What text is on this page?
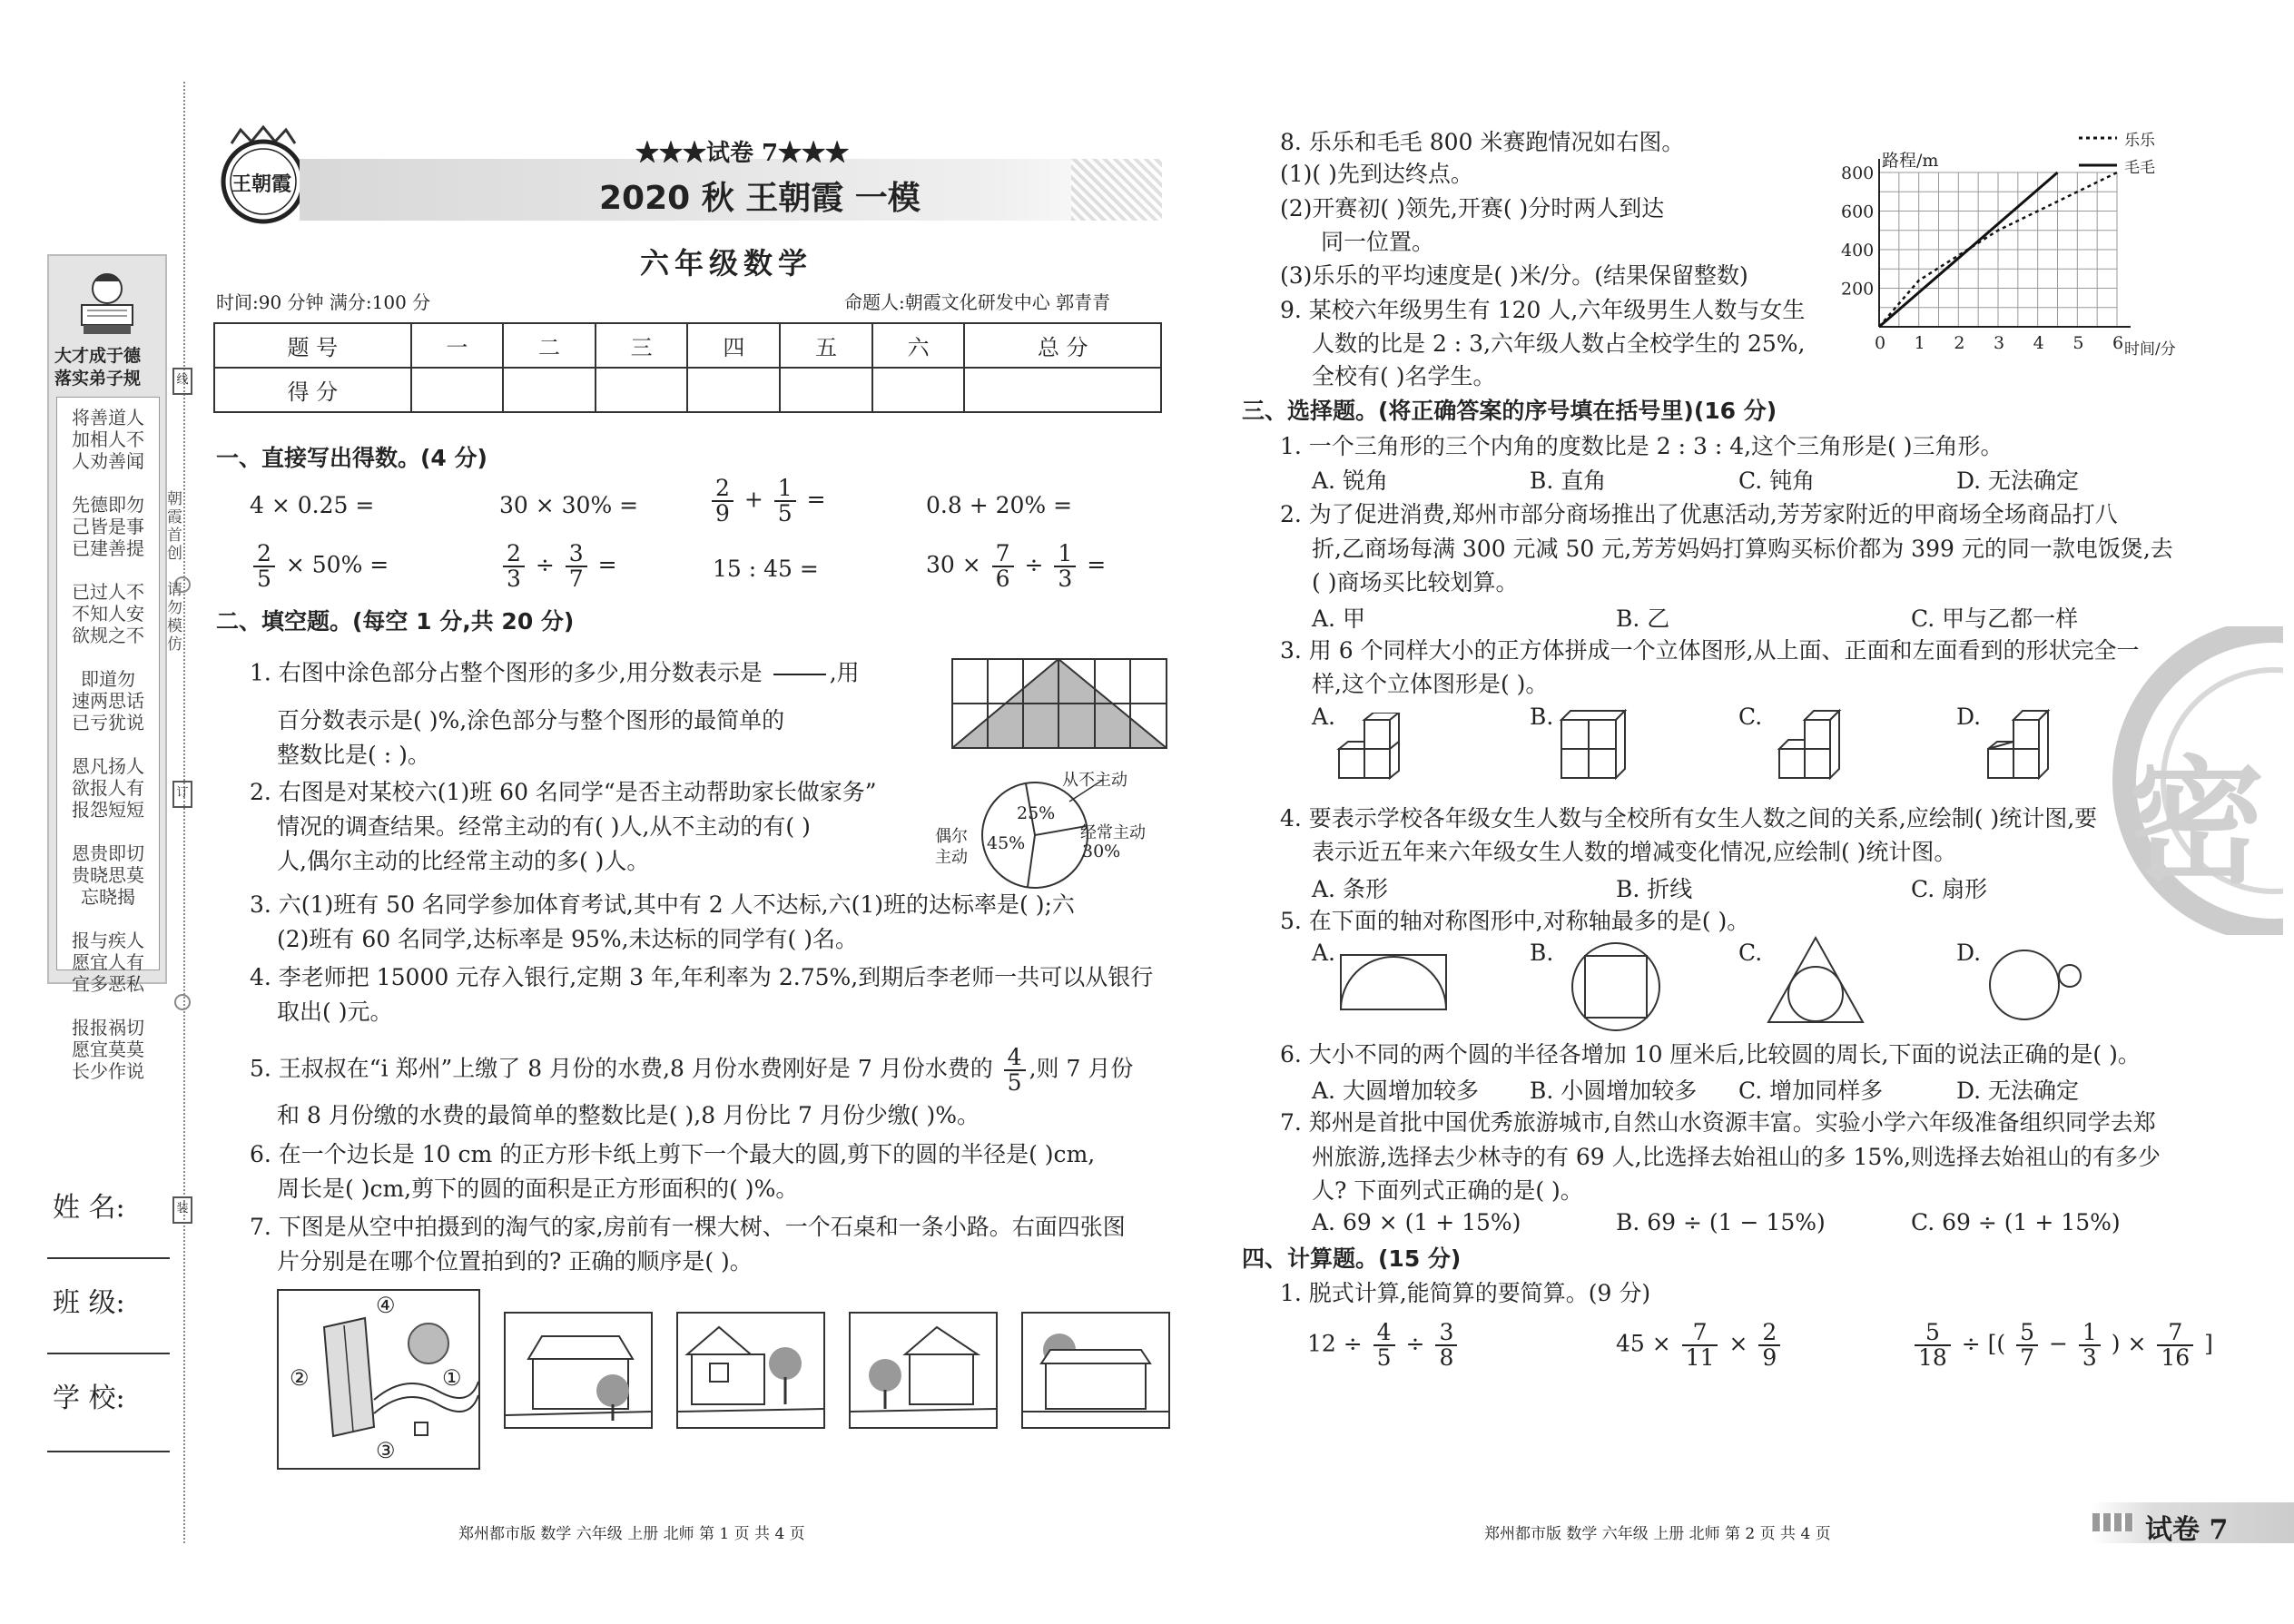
大才成于德
落实弟子规
将善道人
加相人不
人劝善闻

先德即勿
己皆是事
已建善提

已过人不
不知人安
欲规之不

即道勿
速两思话
已亏犹说

恩凡扬人
欲报人有
报怨短短

恩贵即切
贵晓思莫
忘晓揭

报与疾人
愿宜人有
宜多恶私

报报祸切
愿宜莫莫
长少作说
朝
霞
首
创

请
勿
模
仿
线
订
装
姓 名:
班 级:
学 校:
王朝霞
★★★试卷 7★★★
2020 秋 王朝霞 一模
六年级数学
时间:90 分钟 满分:100 分	命题人:朝霞文化研发中心 郭青青
题 号	一	二	三	四	五	六	总 分
得 分							
一、直接写出得数。(4 分)
4 × 0.25 =	30 × 30% =	$\frac{2}{9} + \frac{1}{5}$ =	0.8 + 20% =
$\frac{2}{5} \times 50\%$ =	$\frac{2}{3} \div \frac{3}{7}$ =	15 : 45 =	$30 \times \frac{7}{6} \div \frac{1}{3}$ =
二、填空题。(每空 1 分,共 20 分)
1. 右图中涂色部分占整个图形的多少,用分数表示是

	,用
百分数表示是( )%,涂色部分与整个图形的最简单的
整数比是( : )。
2. 右图是对某校六(1)班 60 名同学“是否主动帮助家长做家务”
情况的调查结果。经常主动的有( )人,从不主动的有( )
人,偶尔主动的比经常主动的多( )人。
从不主动
25%
偶尔
主动
45%
经常主动
30%
3. 六(1)班有 50 名同学参加体育考试,其中有 2 人不达标,六(1)班的达标率是( );六
(2)班有 60 名同学,达标率是 95%,未达标的同学有( )名。
4. 李老师把 15000 元存入银行,定期 3 年,年利率为 2.75%,到期后李老师一共可以从银行
取出( )元。
5. 王叔叔在“i 郑州”上缴了 8 月份的水费,8 月份水费刚好是 7 月份水费的 $\frac{4}{5}$ ,则 7 月份
和 8 月份缴的水费的最简单的整数比是( ),8 月份比 7 月份少缴( )%。
6. 在一个边长是 10 cm 的正方形卡纸上剪下一个最大的圆,剪下的圆的半径是( )cm,
周长是( )cm,剪下的圆的面积是正方形面积的( )%。
7. 下图是从空中拍摄到的淘气的家,房前有一棵大树、一个石桌和一条小路。右面四张图
片分别是在哪个位置拍到的? 正确的顺序是( )。
④
②	①
③
郑州都市版 数学 六年级 上册 北师 第 1 页 共 4 页
8. 乐乐和毛毛 800 米赛跑情况如右图。
(1)( )先到达终点。
(2)开赛初( )领先,开赛( )分时两人到达
同一位置。
(3)乐乐的平均速度是( )米/分。(结果保留整数)
9. 某校六年级男生有 120 人,六年级男生人数与女生
人数的比是 2 : 3,六年级人数占全校学生的 25%,
全校有( )名学生。
0 1 2 3 4 5 6
200
400
600
800
路程/m
时间/分
乐乐
毛毛
三、选择题。(将正确答案的序号填在括号里)(16 分)
1. 一个三角形的三个内角的度数比是 2 : 3 : 4,这个三角形是( )三角形。
A. 锐角	B. 直角	C. 钝角	D. 无法确定
2. 为了促进消费,郑州市部分商场推出了优惠活动,芳芳家附近的甲商场全场商品打八
折,乙商场每满 300 元减 50 元,芳芳妈妈打算购买标价都为 399 元的同一款电饭煲,去
( )商场买比较划算。
A. 甲	B. 乙	C. 甲与乙都一样
3. 用 6 个同样大小的正方体拼成一个立体图形,从上面、正面和左面看到的形状完全一
样,这个立体图形是( )。
A.	B.	C.	D.
4. 要表示学校各年级女生人数与全校所有女生人数之间的关系,应绘制( )统计图,要
表示近五年来六年级女生人数的增减变化情况,应绘制( )统计图。
A. 条形	B. 折线	C. 扇形
5. 在下面的轴对称图形中,对称轴最多的是( )。
A.	B.	C.	D.
6. 大小不同的两个圆的半径各增加 10 厘米后,比较圆的周长,下面的说法正确的是( )。
A. 大圆增加较多 B. 小圆增加较多 C. 增加同样多	D. 无法确定
7. 郑州是首批中国优秀旅游城市,自然山水资源丰富。实验小学六年级准备组织同学去郑
州旅游,选择去少林寺的有 69 人,比选择去始祖山的多 15%,则选择去始祖山的有多少
人? 下面列式正确的是( )。
A. 69 × (1 + 15%)	B. 69 ÷ (1 − 15%)	C. 69 ÷ (1 + 15%)
四、计算题。(15 分)
1. 脱式计算,能简算的要简算。(9 分)
$12 \div \frac{4}{5} \div \frac{3}{8}$	$45 \times \frac{7}{11} \times \frac{2}{9}$	$\frac{5}{18}$ ÷ [( $\frac{5}{7} - \frac{1}{3}$ ) × $\frac{7}{16}$ ]
郑州都市版 数学 六年级 上册 北师 第 2 页 共 4 页	试卷 7
密
